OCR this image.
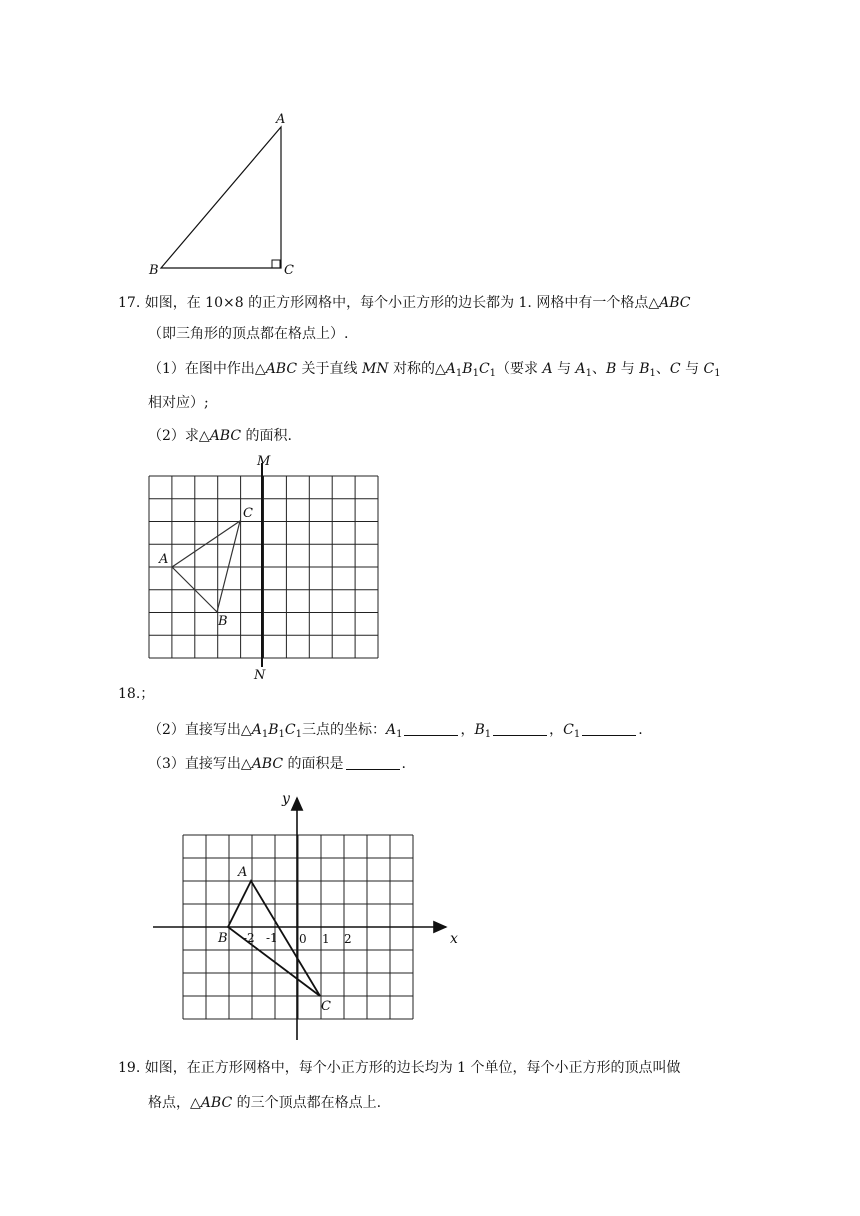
A
B	C
17. 如图，在 10×8 的正方形网格中，每个小正方形的边长都为 1. 网格中有一个格点△ABC
（即三角形的顶点都在格点上）.
（1）在图中作出△ABC 关于直线 MN 对称的$\triangle A_1B_1C_1$（要求 A 与 $A_1$、B 与 $B_1$、C 与 $C_1$
相对应）;
（2）求△ABC 的面积.
M
N
A
B
C
18.；
（2）直接写出$\triangle A_1B_1C_1$三点的坐标：$A_1$	，$B_1$	，$C_1$	.
（3）直接写出△ABC 的面积是	.
x
y
0
-2 -1	1 2
A
B
C
19. 如图，在正方形网格中，每个小正方形的边长均为 1 个单位，每个小正方形的顶点叫做
格点，△ABC 的三个顶点都在格点上.
